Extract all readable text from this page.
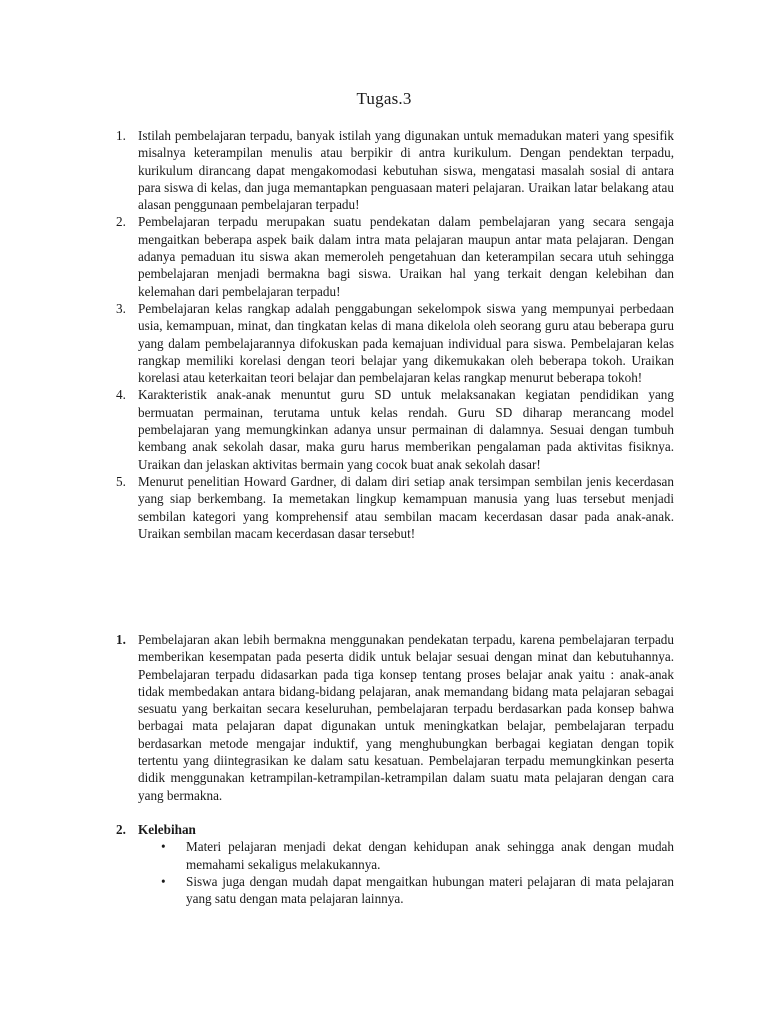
Tugas.3
1. Istilah pembelajaran terpadu, banyak istilah yang digunakan untuk memadukan materi yang spesifik misalnya keterampilan menulis atau berpikir di antra kurikulum. Dengan pendektan terpadu, kurikulum dirancang dapat mengakomodasi kebutuhan siswa, mengatasi masalah sosial di antara para siswa di kelas, dan juga memantapkan penguasaan materi pelajaran. Uraikan latar belakang atau alasan penggunaan pembelajaran terpadu!
2. Pembelajaran terpadu merupakan suatu pendekatan dalam pembelajaran yang secara sengaja mengaitkan beberapa aspek baik dalam intra mata pelajaran maupun antar mata pelajaran. Dengan adanya pemaduan itu siswa akan memeroleh pengetahuan dan keterampilan secara utuh sehingga pembelajaran menjadi bermakna bagi siswa. Uraikan hal yang terkait dengan kelebihan dan kelemahan dari pembelajaran terpadu!
3. Pembelajaran kelas rangkap adalah penggabungan sekelompok siswa yang mempunyai perbedaan usia, kemampuan, minat, dan tingkatan kelas di mana dikelola oleh seorang guru atau beberapa guru yang dalam pembelajarannya difokuskan pada kemajuan individual para siswa. Pembelajaran kelas rangkap memiliki korelasi dengan teori belajar yang dikemukakan oleh beberapa tokoh. Uraikan korelasi atau keterkaitan teori belajar dan pembelajaran kelas rangkap menurut beberapa tokoh!
4. Karakteristik anak-anak menuntut guru SD untuk melaksanakan kegiatan pendidikan yang bermuatan permainan, terutama untuk kelas rendah. Guru SD diharap merancang model pembelajaran yang memungkinkan adanya unsur permainan di dalamnya. Sesuai dengan tumbuh kembang anak sekolah dasar, maka guru harus memberikan pengalaman pada aktivitas fisiknya. Uraikan dan jelaskan aktivitas bermain yang cocok buat anak sekolah dasar!
5. Menurut penelitian Howard Gardner, di dalam diri setiap anak tersimpan sembilan jenis kecerdasan yang siap berkembang. Ia memetakan lingkup kemampuan manusia yang luas tersebut menjadi sembilan kategori yang komprehensif atau sembilan macam kecerdasan dasar pada anak-anak. Uraikan sembilan macam kecerdasan dasar tersebut!
1. Pembelajaran akan lebih bermakna menggunakan pendekatan terpadu, karena pembelajaran terpadu memberikan kesempatan pada peserta didik untuk belajar sesuai dengan minat dan kebutuhannya. Pembelajaran terpadu didasarkan pada tiga konsep tentang proses belajar anak yaitu : anak-anak tidak membedakan antara bidang-bidang pelajaran, anak memandang bidang mata pelajaran sebagai sesuatu yang berkaitan secara keseluruhan, pembelajaran terpadu berdasarkan pada konsep bahwa berbagai mata pelajaran dapat digunakan untuk meningkatkan belajar, pembelajaran terpadu berdasarkan metode mengajar induktif, yang menghubungkan berbagai kegiatan dengan topik tertentu yang diintegrasikan ke dalam satu kesatuan. Pembelajaran terpadu memungkinkan peserta didik menggunakan ketrampilan-ketrampilan-ketrampilan dalam suatu mata pelajaran dengan cara yang bermakna.
2. Kelebihan
• Materi pelajaran menjadi dekat dengan kehidupan anak sehingga anak dengan mudah memahami sekaligus melakukannya.
• Siswa juga dengan mudah dapat mengaitkan hubungan materi pelajaran di mata pelajaran yang satu dengan mata pelajaran lainnya.
